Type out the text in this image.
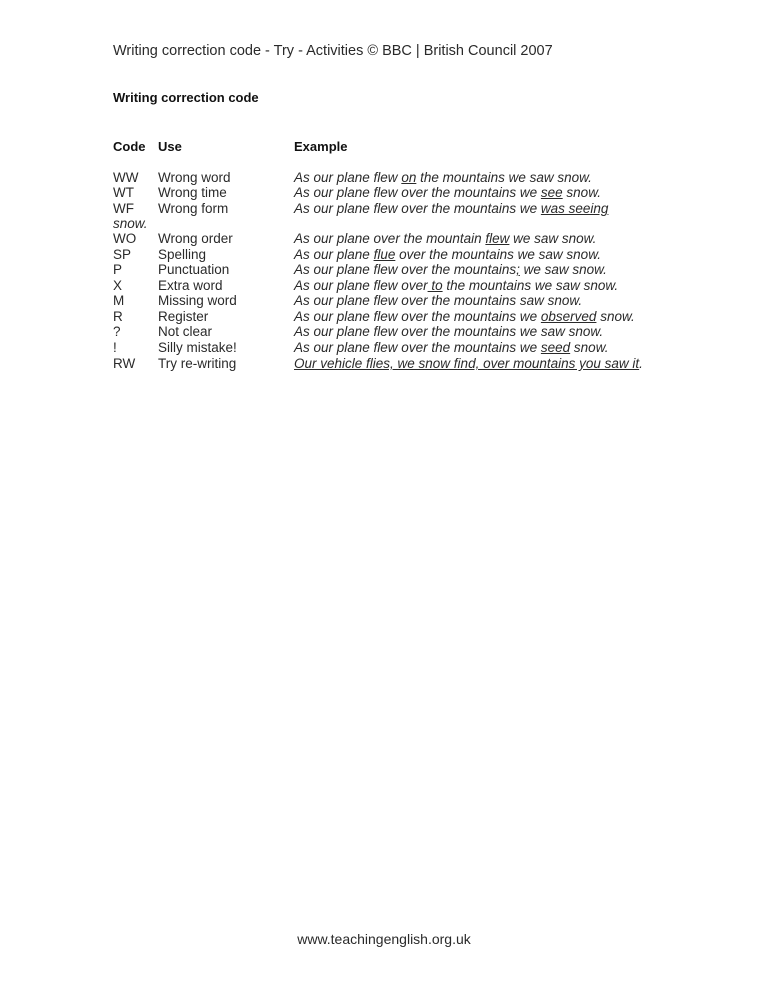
Writing correction code - Try - Activities © BBC | British Council 2007
Writing correction code
Code Use	Example
WW Wrong word	As our plane flew on the mountains we saw snow.
WT Wrong time	As our plane flew over the mountains we see snow.
WF Wrong form	As our plane flew over the mountains we was seeing
snow.
WO Wrong order	As our plane over the mountain flew we saw snow.
SP Spelling	As our plane flue over the mountains we saw snow.
P	Punctuation	As our plane flew over the mountains; we saw snow.
X	Extra word	As our plane flew over to the mountains we saw snow.
M	Missing word	As our plane flew over the mountains saw snow.
R	Register	As our plane flew over the mountains we observed snow.
?	Not clear	As our plane flew over the mountains we saw snow.
!	Silly mistake!	As our plane flew over the mountains we seed snow.
RW Try re-writing	Our vehicle flies, we snow find, over mountains you saw it.
www.teachingenglish.org.uk
